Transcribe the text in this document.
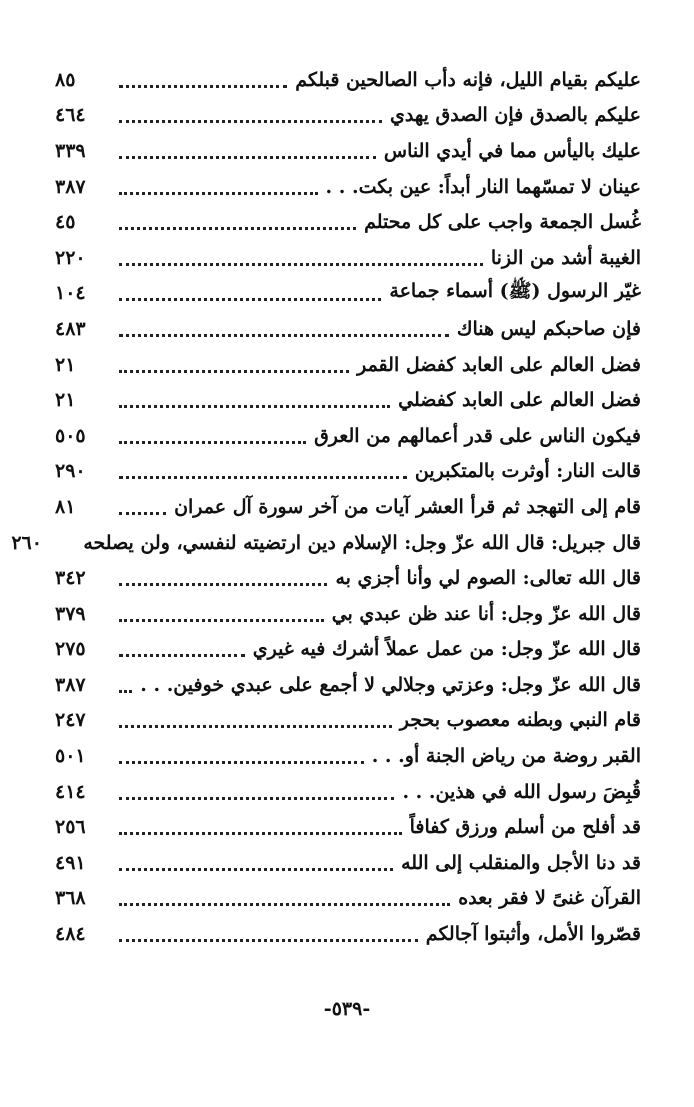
عليكم بقيام الليل، فإنه دأب الصالحين قبلكم
٨٥
عليكم بالصدق فإن الصدق يهدي
٤٦٤
عليك باليأس مما في أيدي الناس
٣٣٩
عينان لا تمسّهما النار أبداً: عين بكت. . .
٣٨٧
غُسل الجمعة واجب على كل محتلم
٤٥
الغيبة أشد من الزنا
٢٢٠
غيّر الرسول (ﷺ) أسماء جماعة
١٠٤
فإن صاحبكم ليس هناك
٤٨٣
فضل العالم على العابد كفضل القمر
٢١
فضل العالم على العابد كفضلي
٢١
فيكون الناس على قدر أعمالهم من العرق
٥٠٥
قالت النار: أوثرت بالمتكبرين
٢٩٠
قام إلى التهجد ثم قرأ العشر آيات من آخر سورة آل عمران
٨١
قال جبريل: قال الله عزّ وجل: الإسلام دين ارتضيته لنفسي، ولن يصلحه
٢٦٠
قال الله تعالى: الصوم لي وأنا أجزي به
٣٤٢
قال الله عزّ وجل: أنا عند ظن عبدي بي
٣٧٩
قال الله عزّ وجل: من عمل عملاً أشرك فيه غيري
٢٧٥
قال الله عزّ وجل: وعزتي وجلالي لا أجمع على عبدي خوفين. . .
٣٨٧
قام النبي وبطنه معصوب بحجر
٢٤٧
القبر روضة من رياض الجنة أو. . .
٥٠١
قُبِضَ رسول الله في هذين. . .
٤١٤
قد أفلح من أسلم ورزق كفافاً
٢٥٦
قد دنا الأجل والمنقلب إلى الله
٤٩١
القرآن غنىً لا فقر بعده
٣٦٨
قصّروا الأمل، وأثبتوا آجالكم
٤٨٤
-٥٣٩-
